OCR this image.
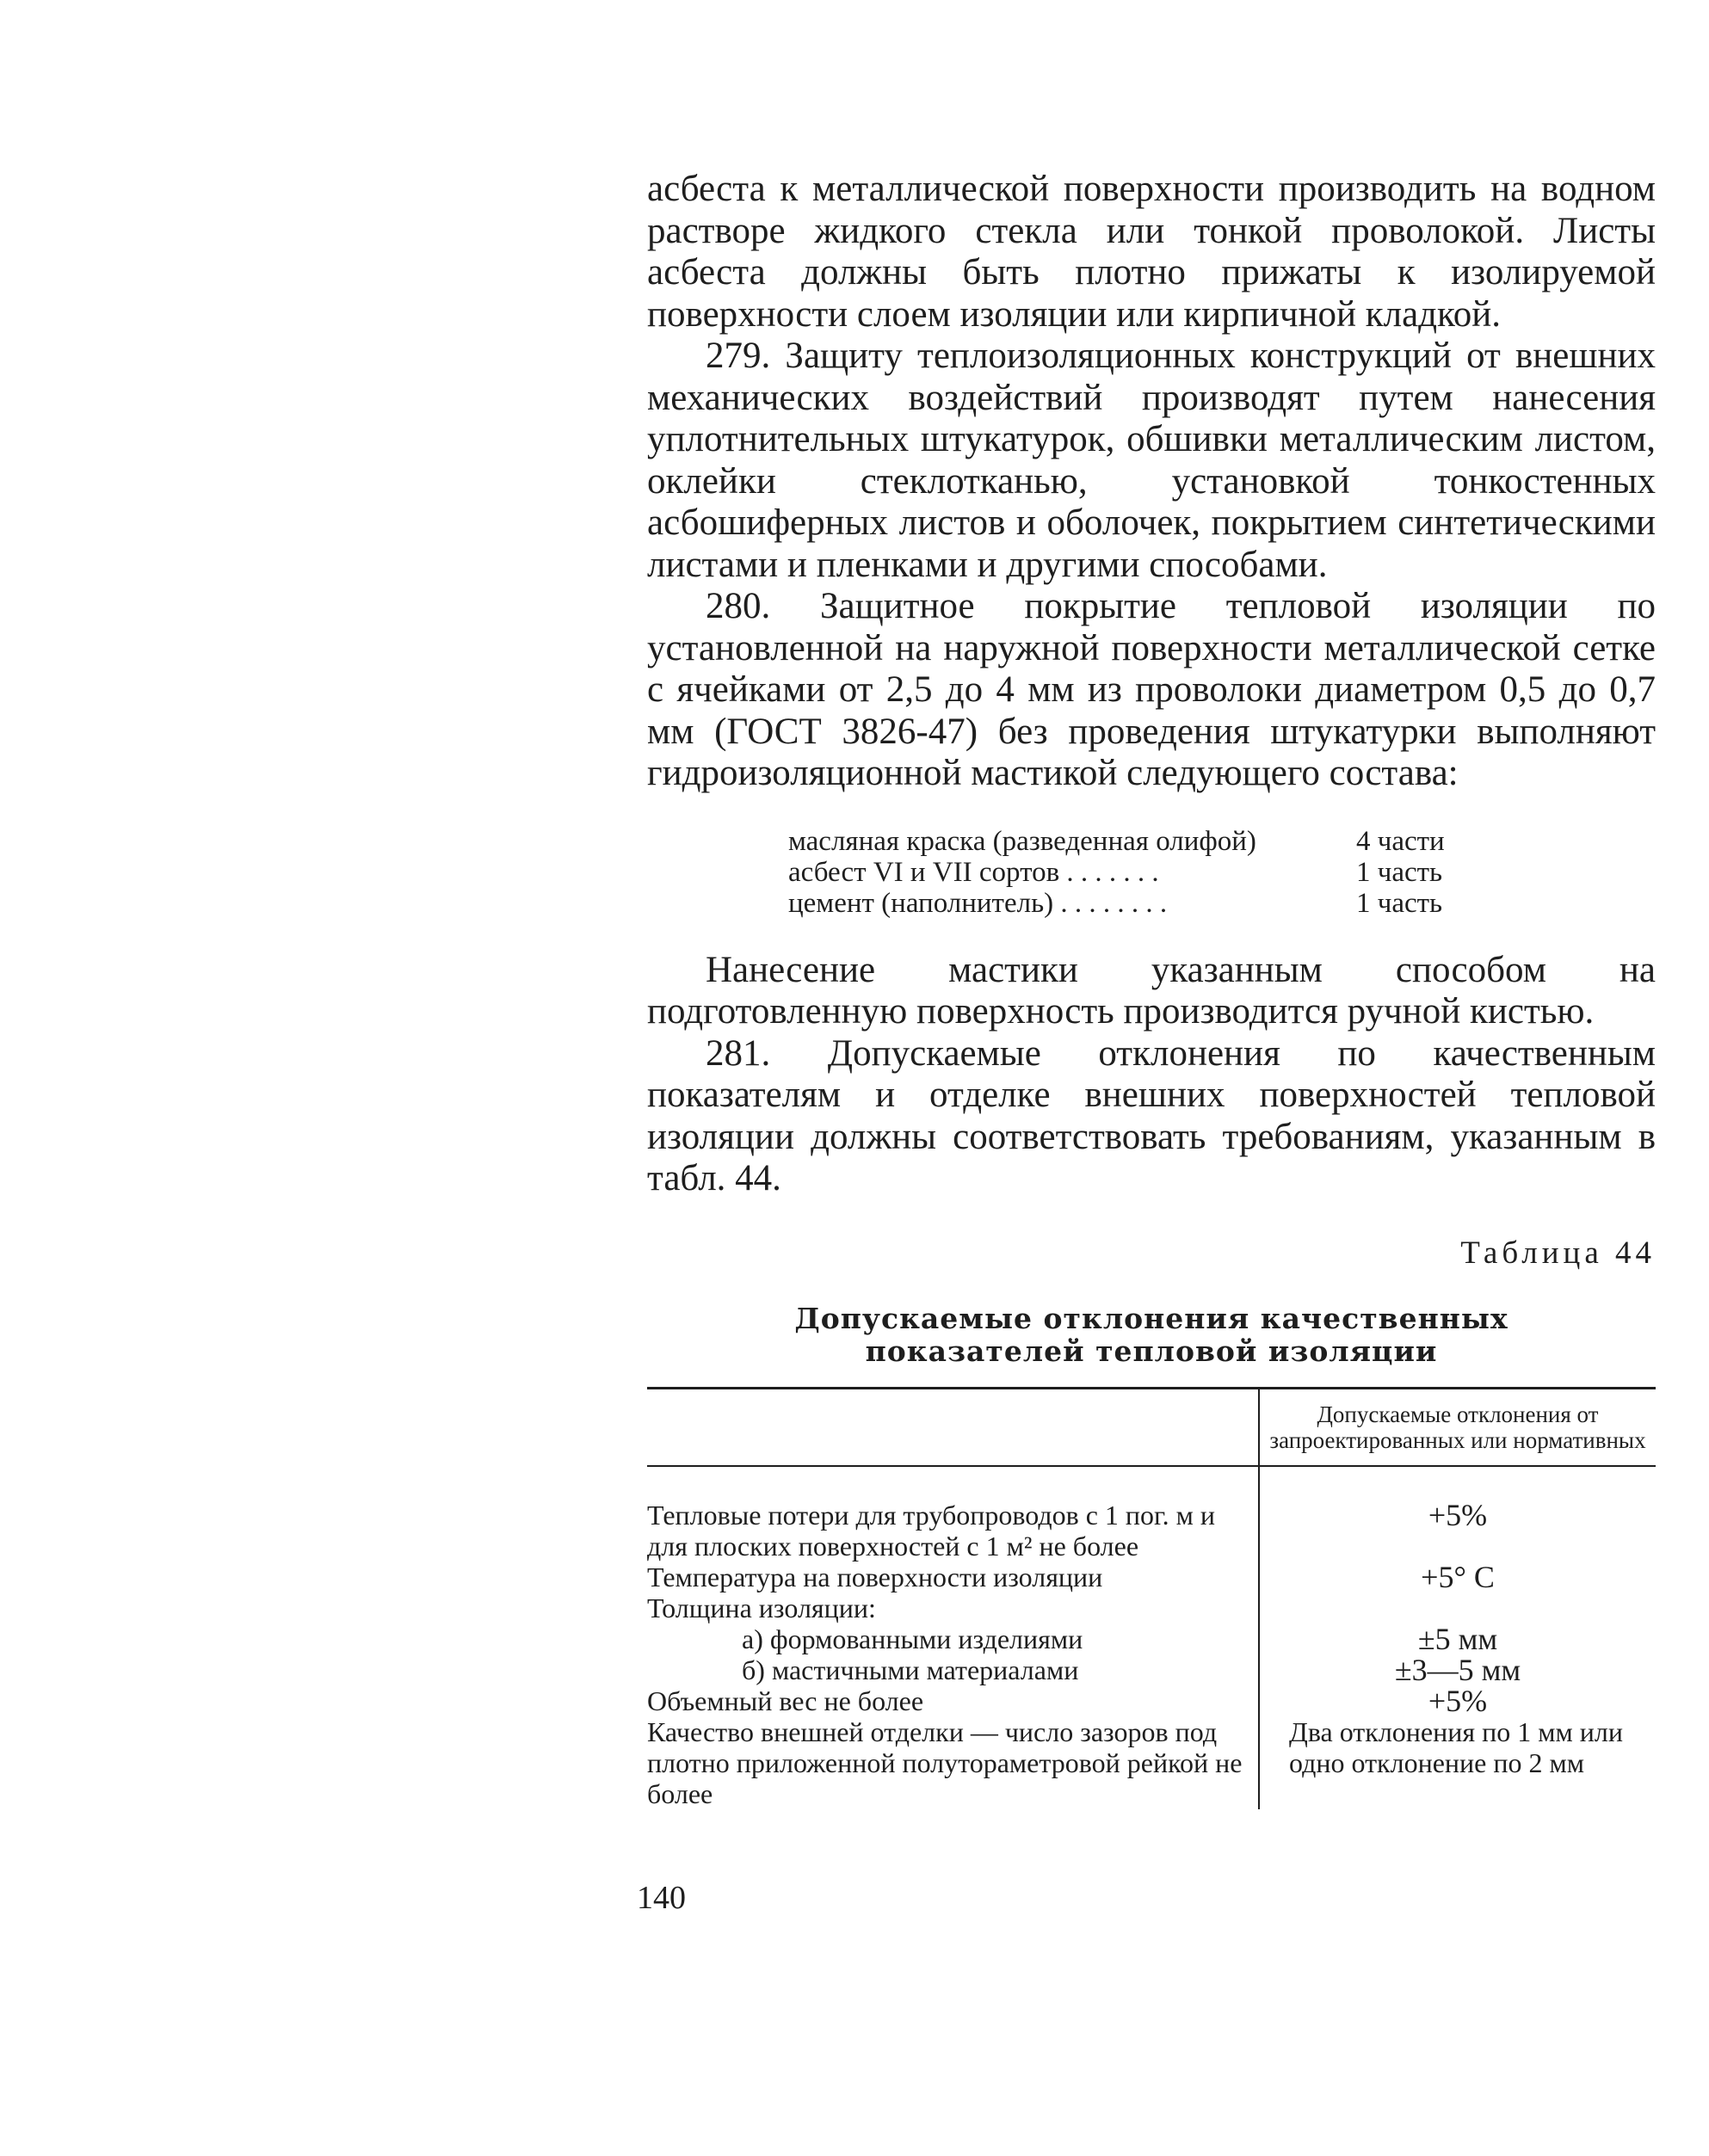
асбеста к металлической поверхности производить на водном растворе жидкого стекла или тонкой проволокой. Листы асбеста должны быть плотно прижаты к изолируемой поверхности слоем изоляции или кирпичной кладкой.

279. Защиту теплоизоляционных конструкций от внешних механических воздействий производят путем нанесения уплотнительных штукатурок, обшивки металлическим листом, оклейки стеклотканью, установкой тонкостенных асбошиферных листов и оболочек, покрытием синтетическими листами и пленками и другими способами.

280. Защитное покрытие тепловой изоляции по установленной на наружной поверхности металлической сетке с ячейками от 2,5 до 4 мм из проволоки диаметром 0,5 до 0,7 мм (ГОСТ 3826-47) без проведения штукатурки выполняют гидроизоляционной мастикой следующего состава:

масляная краска (разведенная олифой)	4 части
асбест VI и VII сортов . . . . . . .	1 часть
цемент (наполнитель) . . . . . . . .	1 часть

Нанесение мастики указанным способом на подготовленную поверхность производится ручной кистью.

281. Допускаемые отклонения по качественным показателям и отделке внешних поверхностей тепловой изоляции должны соответствовать требованиям, указанным в табл. 44.

Таблица 44
Допускаемые отклонения качественных
показателей тепловой изоляции

	Допускаемые отклонения от запроектированных или нормативных
Тепловые потери для трубопроводов с 1 пог. м и для плоских поверхностей с 1 м² не более	+5%
Температура на поверхности изоляции	+5° С
Толщина изоляции:	
а) формованными изделиями	±5 мм
б) мастичными материалами	±3—5 мм
Объемный вес не более	+5%
Качество внешней отделки — число зазоров под плотно приложенной полутораметровой рейкой не более	Два отклонения по 1 мм или одно отклонение по 2 мм
140
